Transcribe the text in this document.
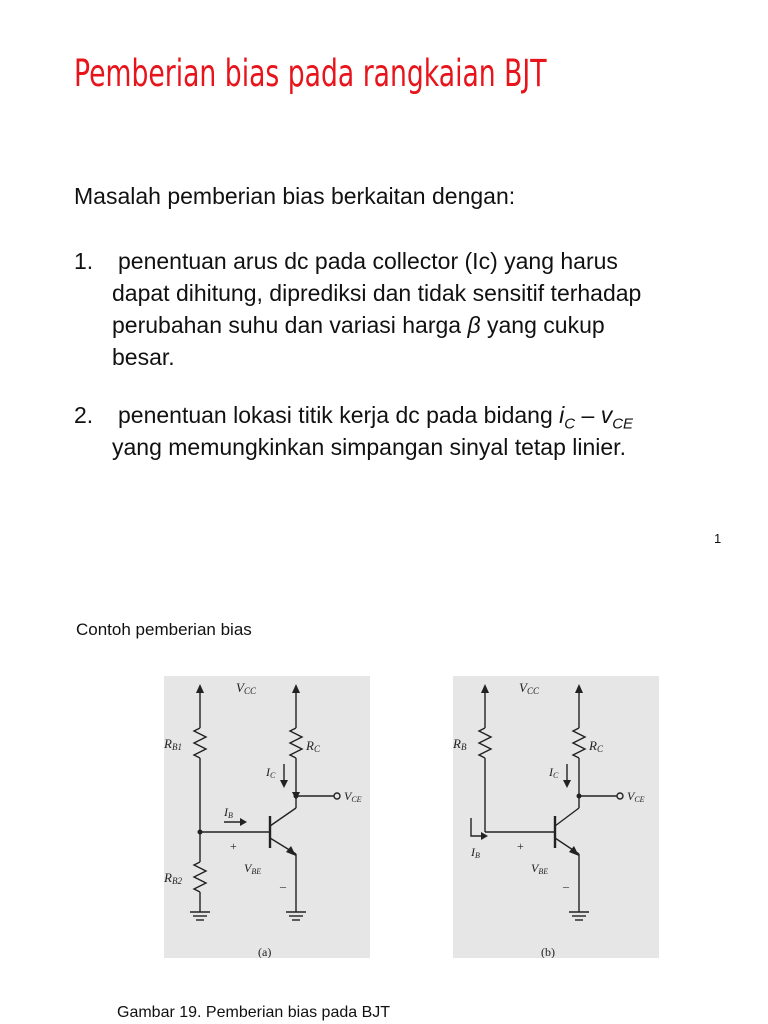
Pemberian bias pada rangkaian BJT
Masalah pemberian bias berkaitan dengan:
1. penentuan arus dc pada collector (Ic) yang harus
dapat dihitung, diprediksi dan tidak sensitif terhadap
perubahan suhu dan variasi harga β yang cukup
besar.
2. penentuan lokasi titik kerja dc pada bidang $i_C - v_{CE}$
yang memungkinkan simpangan sinyal tetap linier.
1
Contoh pemberian bias
VCC
RB1
RB2
RC
IC
IB
VCE
VBE
+
–
(a)
VCC
RB	RC
IC
IB
VCE
VBE
+
–
(b)
Gambar 19. Pemberian bias pada BJT
